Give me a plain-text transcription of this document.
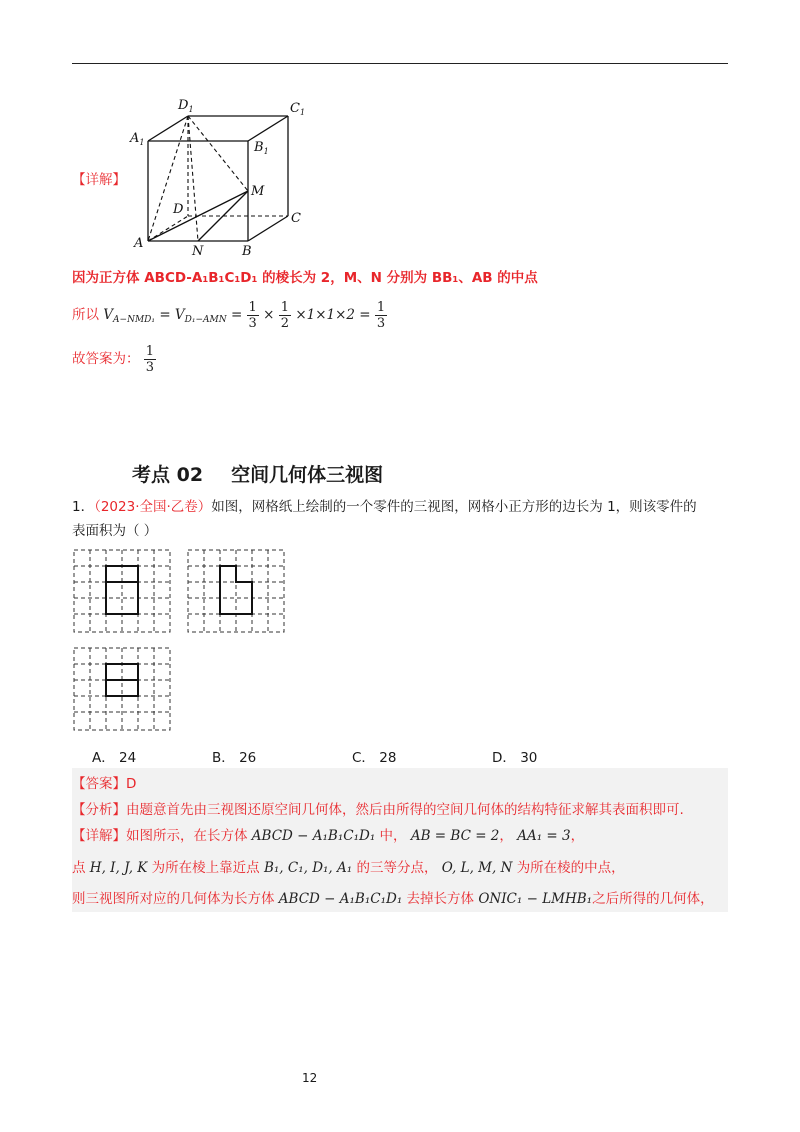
【详解】
$D_1$	$C_1$
$A_1$	$B_1$
M
D
C
A
N	B
因为正方体 ABCD-A₁B₁C₁D₁ 的棱长为 2，M、N 分别为 BB₁、AB 的中点
所以 $V_{A-NMD_1} = V_{D_1-AMN} = \frac{1}{3} \times \frac{1}{2} \times 1\times 1\times 2 = \frac{1}{3}$
故答案为： $\frac{1}{3}$
考点 02 空间几何体三视图
1．（2023·全国·乙卷）如图，网格纸上绘制的一个零件的三视图，网格小正方形的边长为 1，则该零件的
表面积为（ ）
A． 24	B． 26	C． 28	D． 30
【答案】D
【分析】由题意首先由三视图还原空间几何体，然后由所得的空间几何体的结构特征求解其表面积即可.
【详解】如图所示，在长方体 ABCD − A₁B₁C₁D₁ 中， AB = BC = 2， AA₁ = 3，
点 H, I, J, K 为所在棱上靠近点 B₁, C₁, D₁, A₁ 的三等分点， O, L, M, N 为所在棱的中点，
则三视图所对应的几何体为长方体 ABCD − A₁B₁C₁D₁ 去掉长方体 ONIC₁ − LMHB₁之后所得的几何体，
12
